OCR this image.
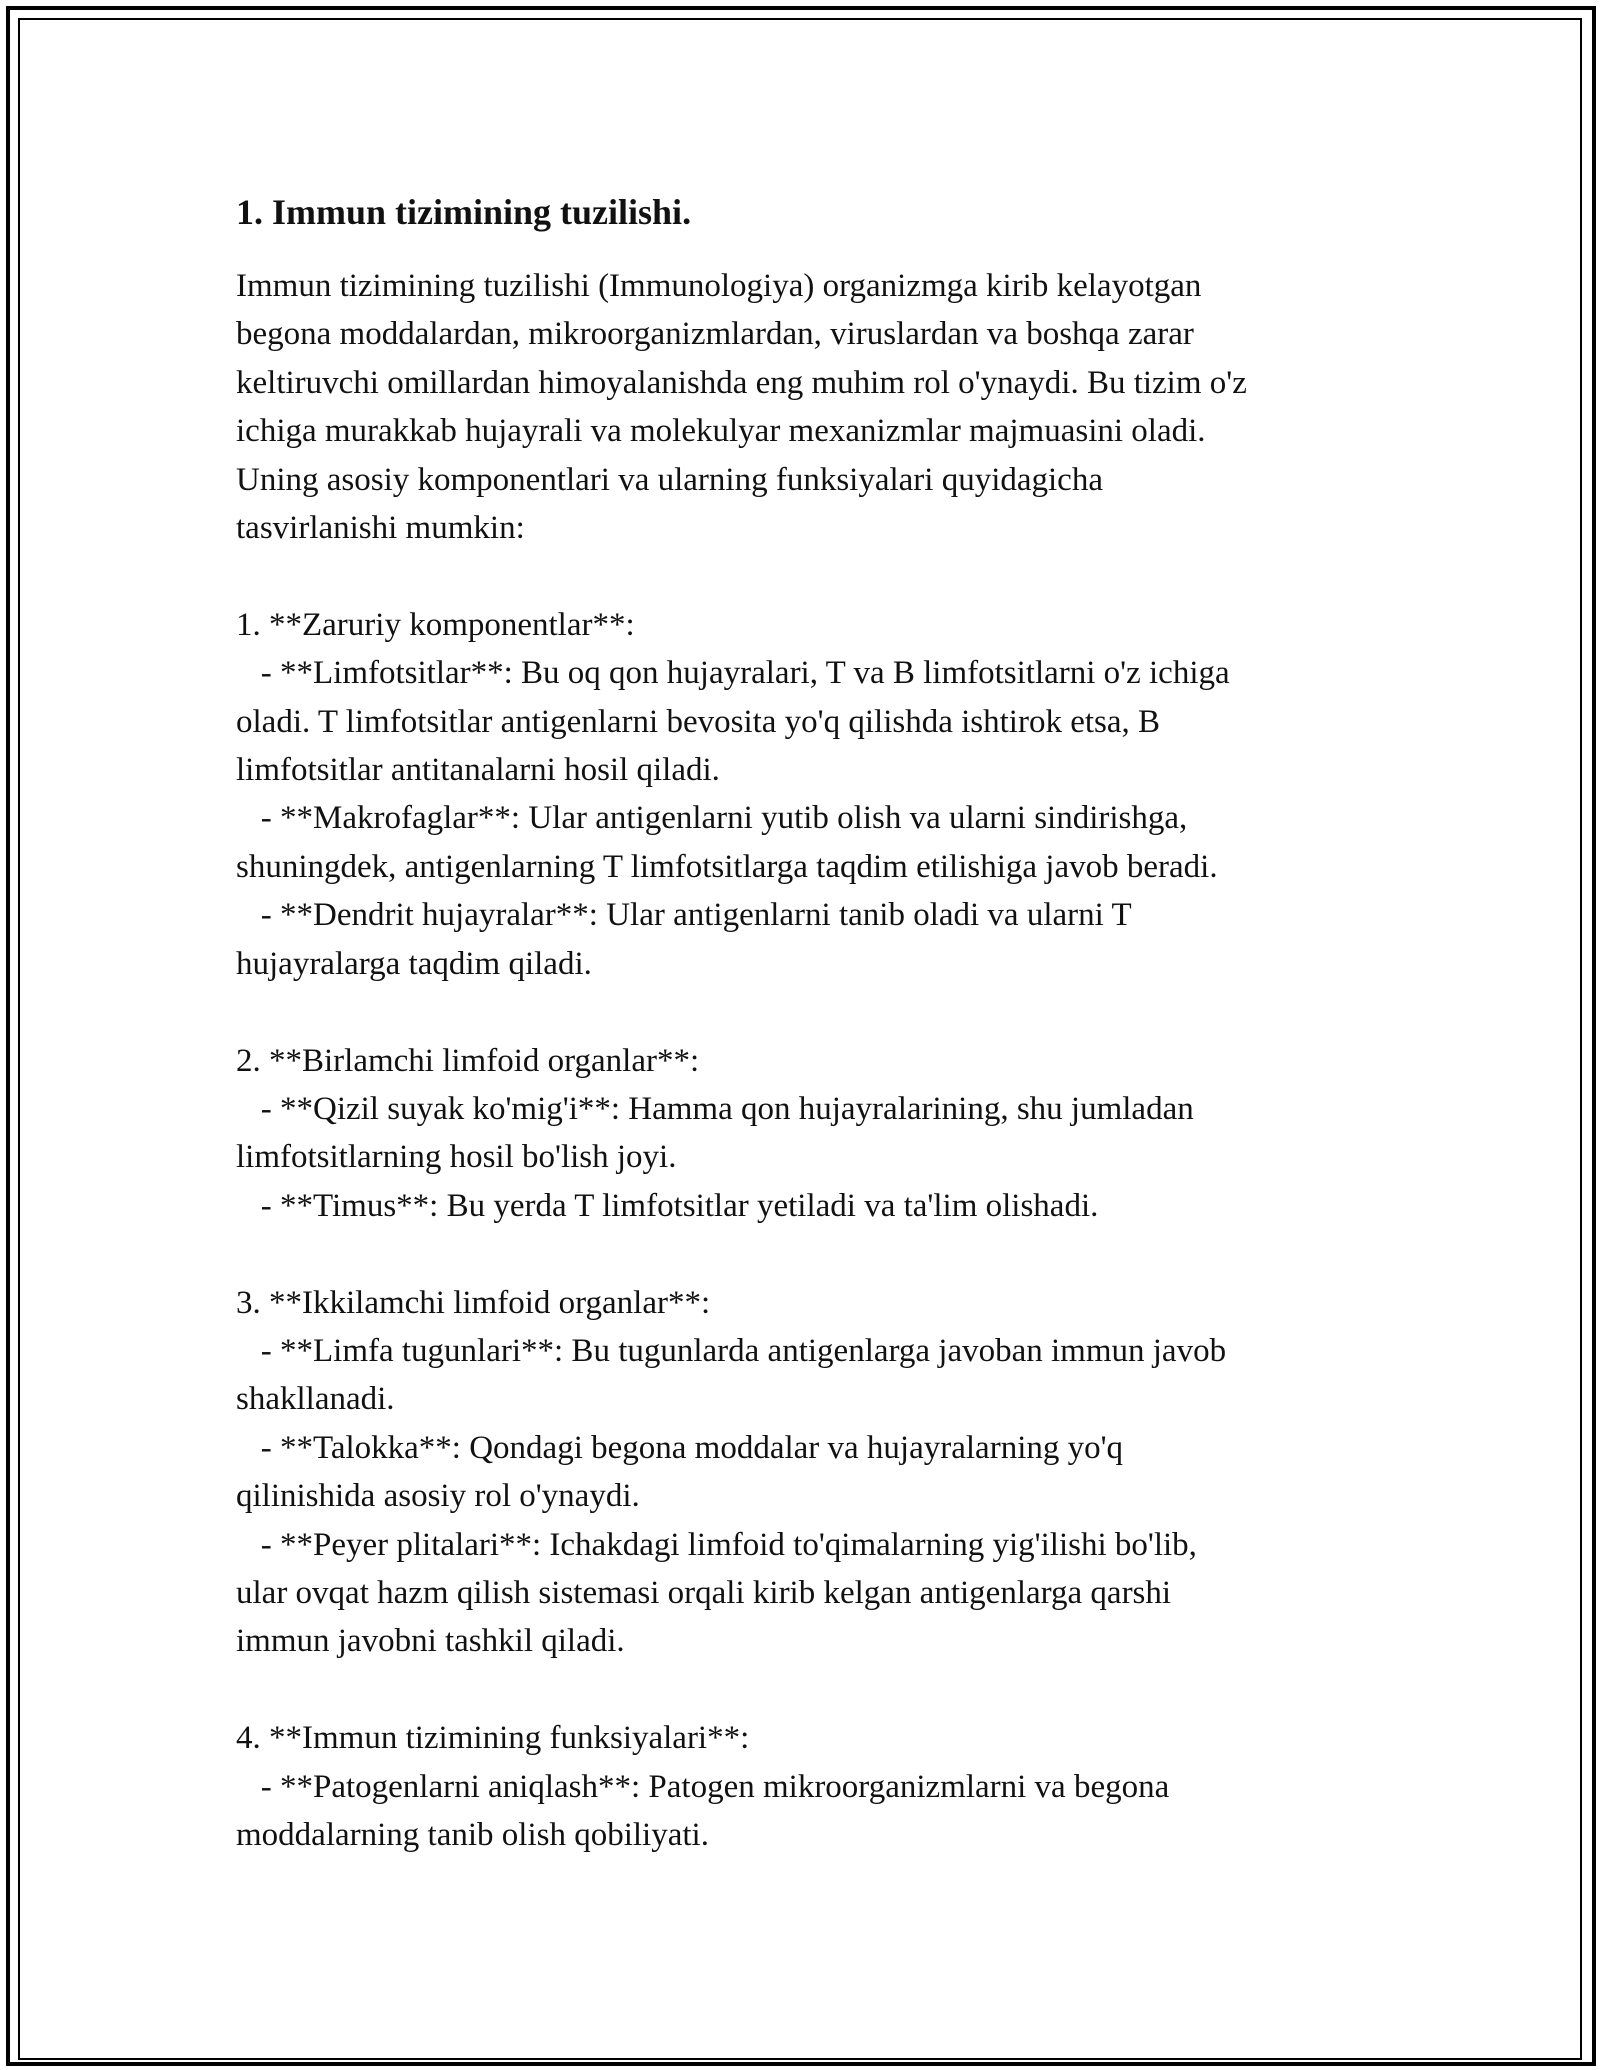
1. Immun tizimining tuzilishi.
Immun tizimining tuzilishi (Immunologiya) organizmga kirib kelayotgan
begona moddalardan, mikroorganizmlardan, viruslardan va boshqa zarar
keltiruvchi omillardan himoyalanishda eng muhim rol o'ynaydi. Bu tizim o'z
ichiga murakkab hujayrali va molekulyar mexanizmlar majmuasini oladi.
Uning asosiy komponentlari va ularning funksiyalari quyidagicha
tasvirlanishi mumkin:

1. **Zaruriy komponentlar**:
- **Limfotsitlar**: Bu oq qon hujayralari, T va B limfotsitlarni o'z ichiga
oladi. T limfotsitlar antigenlarni bevosita yo'q qilishda ishtirok etsa, B
limfotsitlar antitanalarni hosil qiladi.
- **Makrofaglar**: Ular antigenlarni yutib olish va ularni sindirishga,
shuningdek, antigenlarning T limfotsitlarga taqdim etilishiga javob beradi.
- **Dendrit hujayralar**: Ular antigenlarni tanib oladi va ularni T
hujayralarga taqdim qiladi.

2. **Birlamchi limfoid organlar**:
- **Qizil suyak ko'mig'i**: Hamma qon hujayralarining, shu jumladan
limfotsitlarning hosil bo'lish joyi.
- **Timus**: Bu yerda T limfotsitlar yetiladi va ta'lim olishadi.

3. **Ikkilamchi limfoid organlar**:
- **Limfa tugunlari**: Bu tugunlarda antigenlarga javoban immun javob
shakllanadi.
- **Talokka**: Qondagi begona moddalar va hujayralarning yo'q
qilinishida asosiy rol o'ynaydi.
- **Peyer plitalari**: Ichakdagi limfoid to'qimalarning yig'ilishi bo'lib,
ular ovqat hazm qilish sistemasi orqali kirib kelgan antigenlarga qarshi
immun javobni tashkil qiladi.

4. **Immun tizimining funksiyalari**:
- **Patogenlarni aniqlash**: Patogen mikroorganizmlarni va begona
moddalarning tanib olish qobiliyati.
